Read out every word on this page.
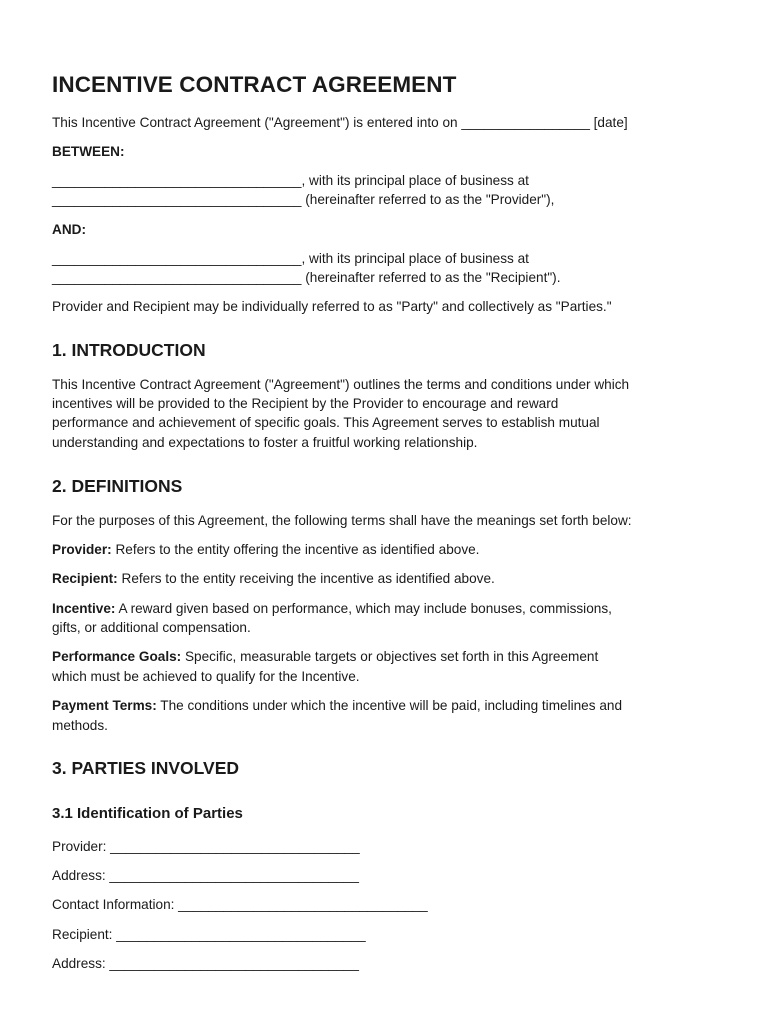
INCENTIVE CONTRACT AGREEMENT

This Incentive Contract Agreement ("Agreement") is entered into on _________________ [date]

BETWEEN:

_________________________________, with its principal place of business at

_________________________________ (hereinafter referred to as the "Provider"),

AND:

_________________________________, with its principal place of business at

_________________________________ (hereinafter referred to as the "Recipient").

Provider and Recipient may be individually referred to as "Party" and collectively as "Parties."

1. INTRODUCTION

This Incentive Contract Agreement ("Agreement") outlines the terms and conditions under which

incentives will be provided to the Recipient by the Provider to encourage and reward

performance and achievement of specific goals. This Agreement serves to establish mutual

understanding and expectations to foster a fruitful working relationship.

2. DEFINITIONS

For the purposes of this Agreement, the following terms shall have the meanings set forth below:

Provider: Refers to the entity offering the incentive as identified above.

Recipient: Refers to the entity receiving the incentive as identified above.

Incentive: A reward given based on performance, which may include bonuses, commissions,

gifts, or additional compensation.

Performance Goals: Specific, measurable targets or objectives set forth in this Agreement

which must be achieved to qualify for the Incentive.

Payment Terms: The conditions under which the incentive will be paid, including timelines and

methods.

3. PARTIES INVOLVED
3.1 Identification of Parties

Provider: _________________________________

Address: _________________________________

Contact Information: _________________________________

Recipient: _________________________________

Address: _________________________________
